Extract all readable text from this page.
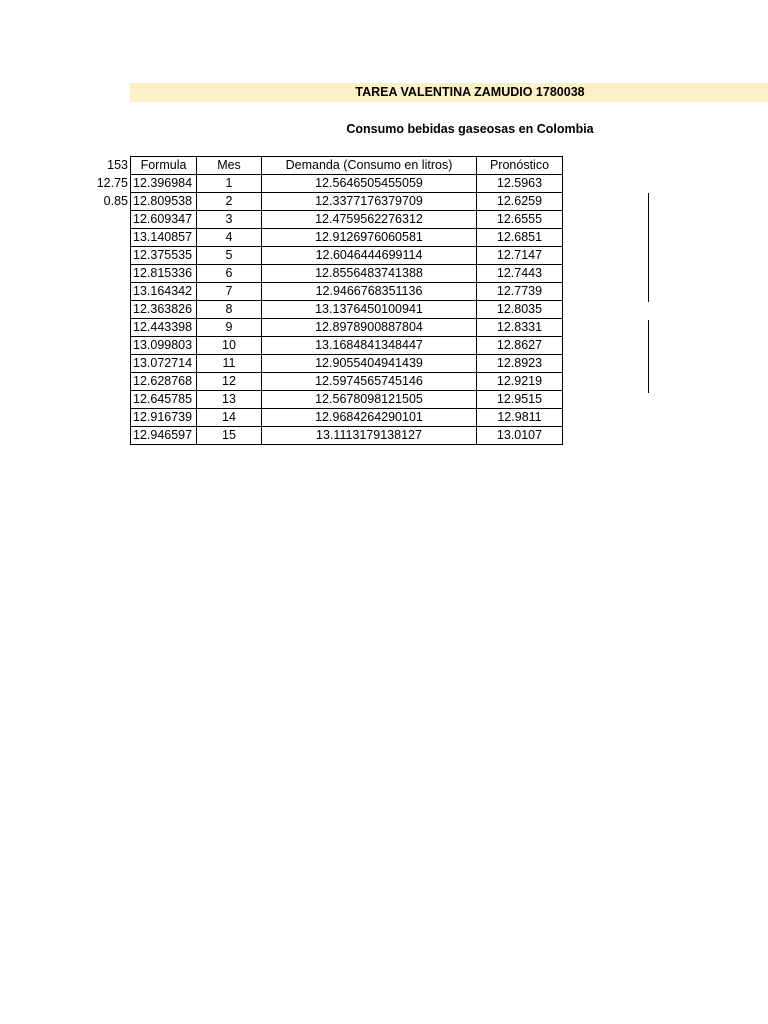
TAREA VALENTINA ZAMUDIO 1780038
Consumo bebidas gaseosas en Colombia
153
12.75
0.85
Formula	Mes	Demanda (Consumo en litros)	Pronóstico
12.396984	1	12.5646505455059	12.5963
12.809538	2	12.3377176379709	12.6259
12.609347	3	12.4759562276312	12.6555
13.140857	4	12.9126976060581	12.6851
12.375535	5	12.6046444699114	12.7147
12.815336	6	12.8556483741388	12.7443
13.164342	7	12.9466768351136	12.7739
12.363826	8	13.1376450100941	12.8035
12.443398	9	12.8978900887804	12.8331
13.099803	10	13.1684841348447	12.8627
13.072714	11	12.9055404941439	12.8923
12.628768	12	12.5974565745146	12.9219
12.645785	13	12.5678098121505	12.9515
12.916739	14	12.9684264290101	12.9811
12.946597	15	13.1113179138127	13.0107
